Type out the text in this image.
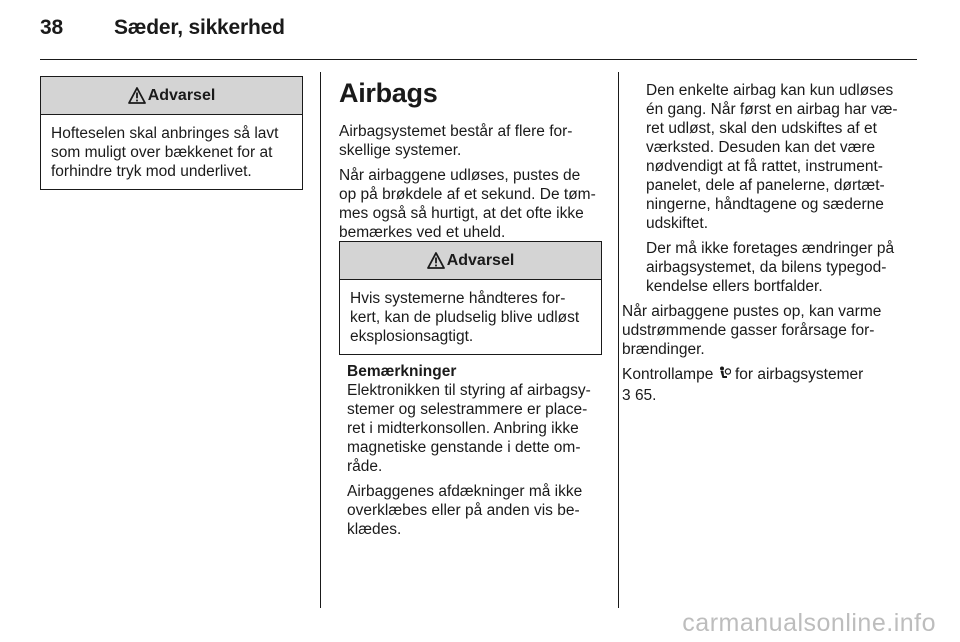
38 Sæder, sikkerhed
Advarsel
Hofteselen skal anbringes så lavt som muligt over bækkenet for at forhindre tryk mod underlivet.
Airbags

Airbagsystemet består af flere for-skellige systemer.

Når airbaggene udløses, pustes de op på brøkdele af et sekund. De tøm-mes også så hurtigt, at det ofte ikke bemærkes ved et uheld.

Advarsel
Hvis systemerne håndteres for-kert, kan de pludselig blive udløst eksplosionsagtigt.
Bemærkninger

Elektronikken til styring af airbagsy-stemer og selestrammere er place-ret i midterkonsollen. Anbring ikke magnetiske genstande i dette om-råde.

Airbaggenes afdækninger må ikke overklæbes eller på anden vis be-klædes.

Den enkelte airbag kan kun udløses én gang. Når først en airbag har væ-ret udløst, skal den udskiftes af et værksted. Desuden kan det være nødvendigt at få rattet, instrument-panelet, dele af panelerne, dørtæt-ningerne, håndtagene og sæderne udskiftet.

Der må ikke foretages ændringer på airbagsystemet, da bilens typegod-kendelse ellers bortfalder.

Når airbaggene pustes op, kan varme udstrømmende gasser forårsage for-brændinger.

Kontrollampe for airbagsystemer
3 65.

carmanualsonline.info
